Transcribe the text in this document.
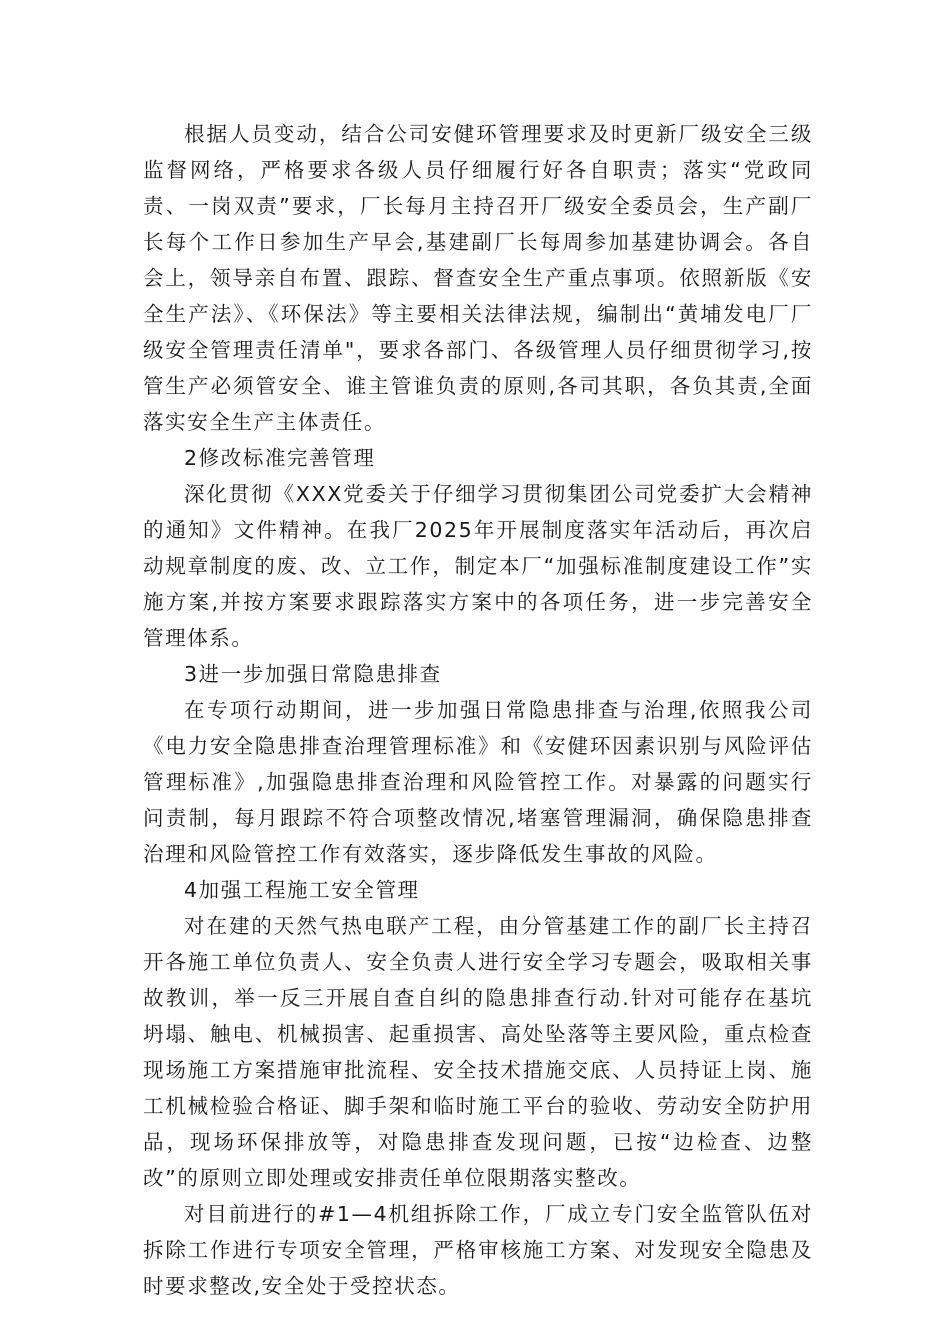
根据人员变动，结合公司安健环管理要求及时更新厂级安全三级监督网络，严格要求各级人员仔细履行好各自职责；落实“党政同责、一岗双责”要求，厂长每月主持召开厂级安全委员会，生产副厂长每个工作日参加生产早会,基建副厂长每周参加基建协调会。各自会上，领导亲自布置、跟踪、督查安全生产重点事项。依照新版《安全生产法》、《环保法》等主要相关法律法规，编制出“黄埔发电厂厂级安全管理责任清单"，要求各部门、各级管理人员仔细贯彻学习,按管生产必须管安全、谁主管谁负责的原则,各司其职，各负其责,全面落实安全生产主体责任。

2修改标准完善管理

深化贯彻《XXX党委关于仔细学习贯彻集团公司党委扩大会精神的通知》文件精神。在我厂2025年开展制度落实年活动后，再次启动规章制度的废、改、立工作，制定本厂“加强标准制度建设工作”实施方案,并按方案要求跟踪落实方案中的各项任务，进一步完善安全管理体系。

3进一步加强日常隐患排查

在专项行动期间，进一步加强日常隐患排查与治理,依照我公司《电力安全隐患排查治理管理标准》和《安健环因素识别与风险评估管理标准》,加强隐患排查治理和风险管控工作。对暴露的问题实行问责制，每月跟踪不符合项整改情况,堵塞管理漏洞，确保隐患排查治理和风险管控工作有效落实，逐步降低发生事故的风险。

4加强工程施工安全管理

对在建的天然气热电联产工程，由分管基建工作的副厂长主持召开各施工单位负责人、安全负责人进行安全学习专题会，吸取相关事故教训，举一反三开展自查自纠的隐患排查行动.针对可能存在基坑坍塌、触电、机械损害、起重损害、高处坠落等主要风险，重点检查现场施工方案措施审批流程、安全技术措施交底、人员持证上岗、施工机械检验合格证、脚手架和临时施工平台的验收、劳动安全防护用品，现场环保排放等，对隐患排查发现问题，已按“边检查、边整改”的原则立即处理或安排责任单位限期落实整改。

对目前进行的#1—4机组拆除工作，厂成立专门安全监管队伍对拆除工作进行专项安全管理，严格审核施工方案、对发现安全隐患及时要求整改,安全处于受控状态。
